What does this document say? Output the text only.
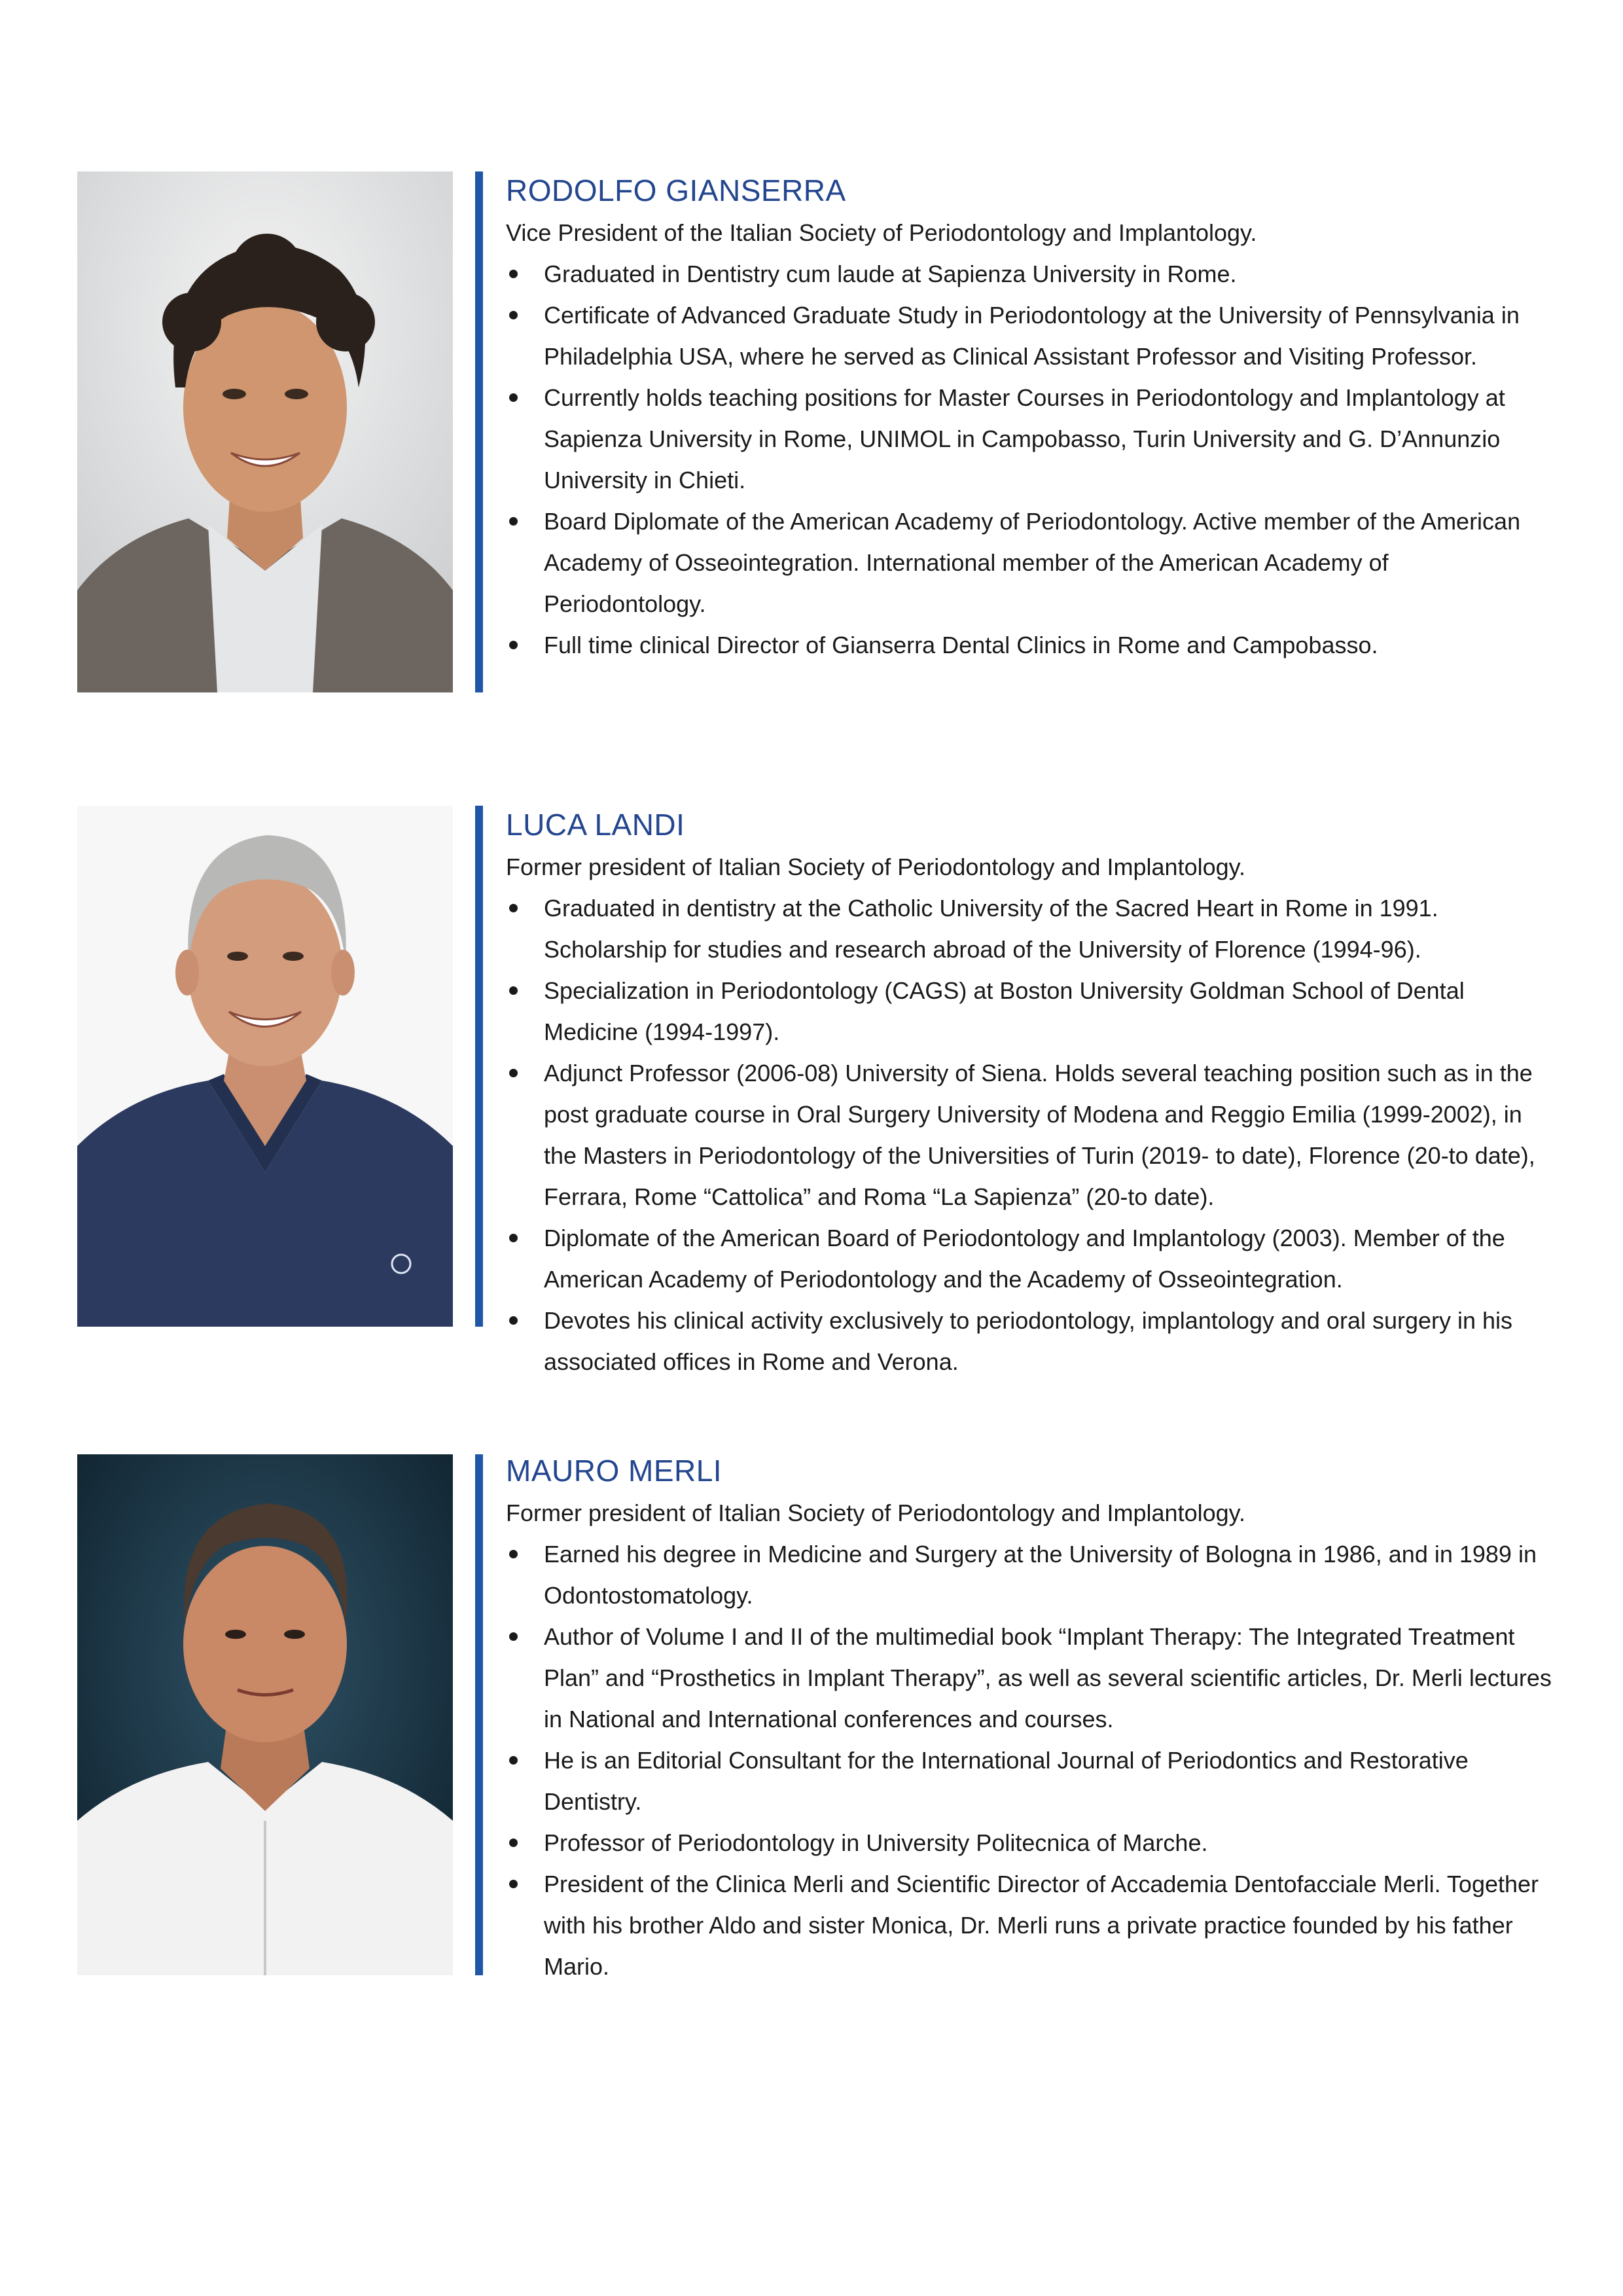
RODOLFO GIANSERRA

Vice President of the Italian Society of Periodontology and Implantology.

Graduated in Dentistry cum laude at Sapienza University in Rome.
Certificate of Advanced Graduate Study in Periodontology at the University of Pennsylvania in Philadelphia USA, where he served as Clinical Assistant Professor and Visiting Professor.
Currently holds teaching positions for Master Courses in Periodontology and Implantology at Sapienza University in Rome, UNIMOL in Campobasso, Turin University and G. D’Annunzio University in Chieti.
Board Diplomate of the American Academy of Periodontology. Active member of the American Academy of Osseointegration. International member of the American Academy of Periodontology.
Full time clinical Director of Gianserra Dental Clinics in Rome and Campobasso.
LUCA LANDI

Former president of Italian Society of Periodontology and Implantology.

Graduated in dentistry at the Catholic University of the Sacred Heart in Rome in 1991. Scholarship for studies and research abroad of the University of Florence (1994-96).
Specialization in Periodontology (CAGS) at Boston University Goldman School of Dental Medicine (1994-1997).
Adjunct Professor (2006-08) University of Siena. Holds several teaching position such as in the post graduate course in Oral Surgery University of Modena and Reggio Emilia (1999-2002), in the Masters in Periodontology of the Universities of Turin (2019- to date), Florence (20-to date), Ferrara, Rome “Cattolica” and Roma “La Sapienza” (20-to date).
Diplomate of the American Board of Periodontology and Implantology (2003). Member of the American Academy of Periodontology and the Academy of Osseointegration.
Devotes his clinical activity exclusively to periodontology, implantology and oral surgery in his associated offices in Rome and Verona.
MAURO MERLI

Former president of Italian Society of Periodontology and Implantology.

Earned his degree in Medicine and Surgery at the University of Bologna in 1986, and in 1989 in Odontostomatology.
Author of Volume I and II of the multimedial book “Implant Therapy: The Integrated Treatment Plan” and “Prosthetics in Implant Therapy”, as well as several scientific articles, Dr. Merli lectures in National and International conferences and courses.
He is an Editorial Consultant for the International Journal of Periodontics and Restorative Dentistry.
Professor of Periodontology in University Politecnica of Marche.
President of the Clinica Merli and Scientific Director of Accademia Dentofacciale Merli. Together with his brother Aldo and sister Monica, Dr. Merli runs a private practice founded by his father Mario.
